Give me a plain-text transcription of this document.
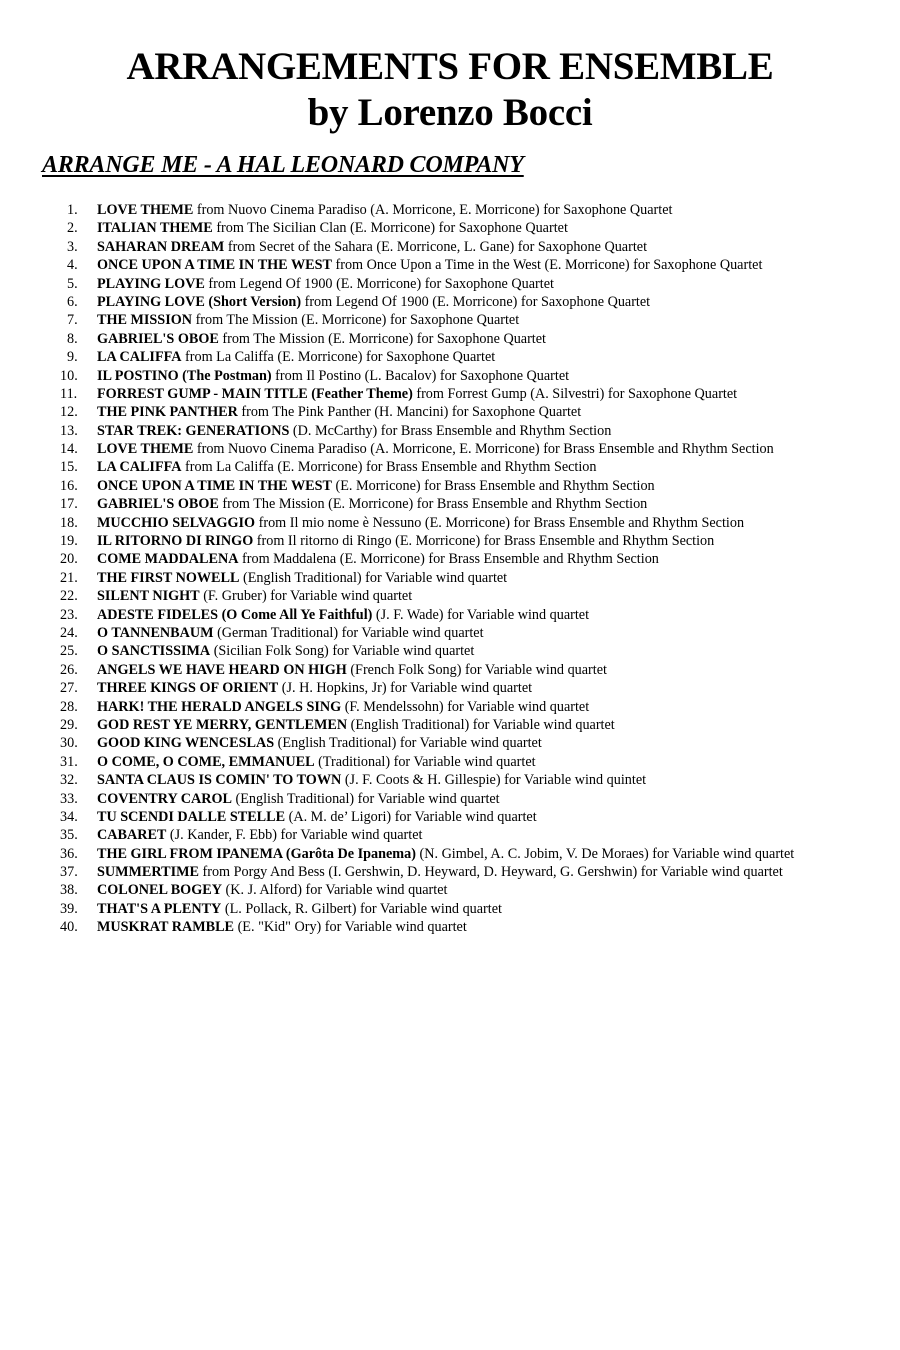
ARRANGEMENTS FOR ENSEMBLE
by Lorenzo Bocci
ARRANGE ME - A HAL LEONARD COMPANY
1. LOVE THEME from Nuovo Cinema Paradiso (A. Morricone, E. Morricone) for Saxophone Quartet
2. ITALIAN THEME from The Sicilian Clan (E. Morricone) for Saxophone Quartet
3. SAHARAN DREAM from Secret of the Sahara (E. Morricone, L. Gane) for Saxophone Quartet
4. ONCE UPON A TIME IN THE WEST from Once Upon a Time in the West (E. Morricone) for Saxophone Quartet
5. PLAYING LOVE from Legend Of 1900 (E. Morricone) for Saxophone Quartet
6. PLAYING LOVE (Short Version) from Legend Of 1900 (E. Morricone) for Saxophone Quartet
7. THE MISSION from The Mission (E. Morricone) for Saxophone Quartet
8. GABRIEL'S OBOE from The Mission (E. Morricone) for Saxophone Quartet
9. LA CALIFFA from La Califfa (E. Morricone) for Saxophone Quartet
10. IL POSTINO (The Postman) from Il Postino (L. Bacalov) for Saxophone Quartet
11. FORREST GUMP - MAIN TITLE (Feather Theme) from Forrest Gump (A. Silvestri) for Saxophone Quartet
12. THE PINK PANTHER from The Pink Panther (H. Mancini) for Saxophone Quartet
13. STAR TREK: GENERATIONS (D. McCarthy) for Brass Ensemble and Rhythm Section
14. LOVE THEME from Nuovo Cinema Paradiso (A. Morricone, E. Morricone) for Brass Ensemble and Rhythm Section
15. LA CALIFFA from La Califfa (E. Morricone) for Brass Ensemble and Rhythm Section
16. ONCE UPON A TIME IN THE WEST (E. Morricone) for Brass Ensemble and Rhythm Section
17. GABRIEL'S OBOE from The Mission (E. Morricone) for Brass Ensemble and Rhythm Section
18. MUCCHIO SELVAGGIO from Il mio nome è Nessuno (E. Morricone) for Brass Ensemble and Rhythm Section
19. IL RITORNO DI RINGO from Il ritorno di Ringo (E. Morricone) for Brass Ensemble and Rhythm Section
20. COME MADDALENA from Maddalena (E. Morricone) for Brass Ensemble and Rhythm Section
21. THE FIRST NOWELL (English Traditional) for Variable wind quartet
22. SILENT NIGHT (F. Gruber) for Variable wind quartet
23. ADESTE FIDELES (O Come All Ye Faithful) (J. F. Wade) for Variable wind quartet
24. O TANNENBAUM (German Traditional) for Variable wind quartet
25. O SANCTISSIMA (Sicilian Folk Song) for Variable wind quartet
26. ANGELS WE HAVE HEARD ON HIGH (French Folk Song) for Variable wind quartet
27. THREE KINGS OF ORIENT (J. H. Hopkins, Jr) for Variable wind quartet
28. HARK! THE HERALD ANGELS SING (F. Mendelssohn) for Variable wind quartet
29. GOD REST YE MERRY, GENTLEMEN (English Traditional) for Variable wind quartet
30. GOOD KING WENCESLAS (English Traditional) for Variable wind quartet
31. O COME, O COME, EMMANUEL (Traditional) for Variable wind quartet
32. SANTA CLAUS IS COMIN' TO TOWN (J. F. Coots & H. Gillespie) for Variable wind quintet
33. COVENTRY CAROL (English Traditional) for Variable wind quartet
34. TU SCENDI DALLE STELLE (A. M. de’ Ligori) for Variable wind quartet
35. CABARET (J. Kander, F. Ebb) for Variable wind quartet
36. THE GIRL FROM IPANEMA (Garôta De Ipanema) (N. Gimbel, A. C. Jobim, V. De Moraes) for Variable wind quartet
37. SUMMERTIME from Porgy And Bess (I. Gershwin, D. Heyward, D. Heyward, G. Gershwin) for Variable wind quartet
38. COLONEL BOGEY (K. J. Alford) for Variable wind quartet
39. THAT'S A PLENTY (L. Pollack, R. Gilbert) for Variable wind quartet
40. MUSKRAT RAMBLE (E. "Kid" Ory) for Variable wind quartet
